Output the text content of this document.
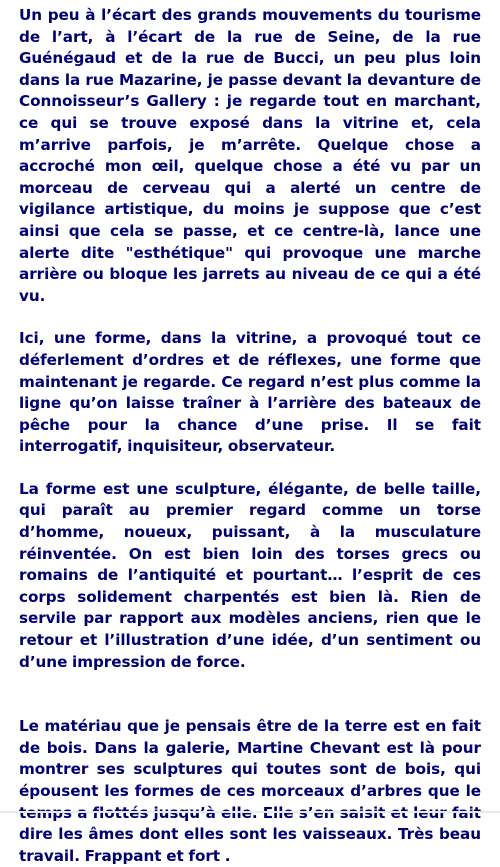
Un peu à l’écart des grands mouvements du tourisme de l’art, à l’écart de la rue de Seine, de la rue Guénégaud et de la rue de Bucci, un peu plus loin dans la rue Mazarine, je passe devant la devanture de Connoisseur’s Gallery : je regarde tout en marchant, ce qui se trouve exposé dans la vitrine et, cela m’arrive parfois, je m’arrête. Quelque chose a accroché mon œil, quelque chose a été vu par un morceau de cerveau qui a alerté un centre de vigilance artistique, du moins je suppose que c’est ainsi que cela se passe, et ce centre-là, lance une alerte dite "esthétique" qui provoque une marche arrière ou bloque les jarrets au niveau de ce qui a été vu.

Ici, une forme, dans la vitrine, a provoqué tout ce déferlement d’ordres et de réflexes, une forme que maintenant je regarde. Ce regard n’est plus comme la ligne qu’on laisse traîner à l’arrière des bateaux de pêche pour la chance d’une prise. Il se fait interrogatif, inquisiteur, observateur.

La forme est une sculpture, élégante, de belle taille, qui paraît au premier regard comme un torse d’homme, noueux, puissant, à la musculature réinventée. On est bien loin des torses grecs ou romains de l’antiquité et pourtant… l’esprit de ces corps solidement charpentés est bien là. Rien de servile par rapport aux modèles anciens, rien que le retour et l’illustration d’une idée, d’un sentiment ou d’une impression de force.

Le matériau que je pensais être de la terre est en fait de bois. Dans la galerie, Martine Chevant est là pour montrer ses sculptures qui toutes sont de bois, qui épousent les formes de ces morceaux d’arbres que le dire les âmes dont elles sont les vaisseaux. Très beau travail. Frappant et fort .
